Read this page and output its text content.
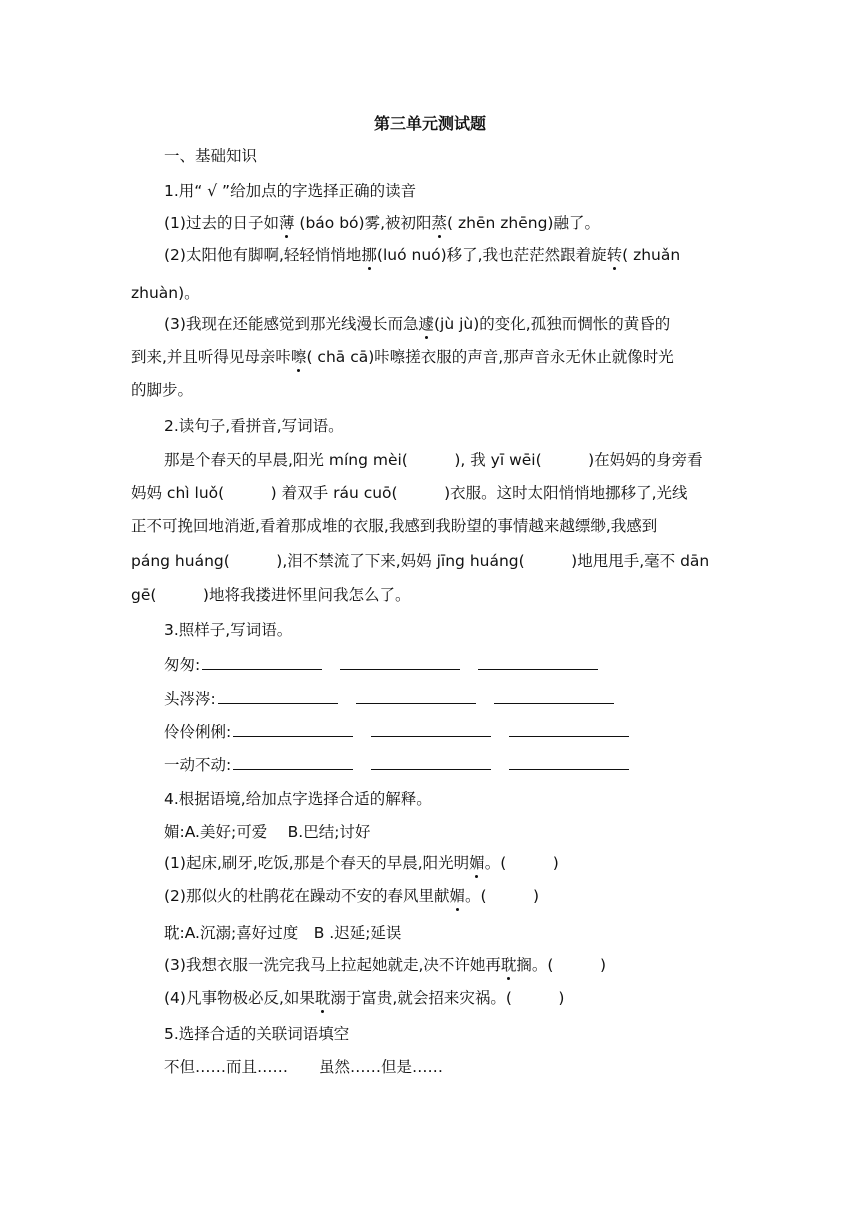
第三单元测试题
一、基础知识
1.用“ √ ”给加点的字选择正确的读音
(1)过去的日子如薄 (báo bó)雾,被初阳蒸( zhēn zhēng)融了。
(2)太阳他有脚啊,轻轻悄悄地挪(luó nuó)移了,我也茫茫然跟着旋转( zhuǎn
zhuàn)。
(3)我现在还能感觉到那光线漫长而急遽(jù jù)的变化,孤独而惆怅的黄昏的
到来,并且听得见母亲咔嚓( chā cā)咔嚓搓衣服的声音,那声音永无休止就像时光
的脚步。
2.读句子,看拼音,写词语。
那是个春天的早晨,阳光 míng mèi(　　　), 我 yī wēi(　　　)在妈妈的身旁看
妈妈 chì luǒ(　　　) 着双手 ráu cuō(　　　)衣服。这时太阳悄悄地挪移了,光线
正不可挽回地消逝,看着那成堆的衣服,我感到我盼望的事情越来越缥缈,我感到
páng huáng(　　　),泪不禁流了下来,妈妈 jīng huáng(　　　)地甩甩手,毫不 dān
gē(　　　)地将我搂进怀里问我怎么了。
3.照样子,写词语。
匆匆:
头涔涔:
伶伶俐俐:
一动不动:
4.根据语境,给加点字选择合适的解释。
媚:A.美好;可爱　 B.巴结;讨好
(1)起床,刷牙,吃饭,那是个春天的早晨,阳光明媚。(　　　)
(2)那似火的杜鹃花在躁动不安的春风里献媚。(　　　)
耽:A.沉溺;喜好过度　B .迟延;延误
(3)我想衣服一洗完我马上拉起她就走,决不许她再耽搁。(　　　)
(4)凡事物极必反,如果耽溺于富贵,就会招来灾祸。(　　　)
5.选择合适的关联词语填空
不但……而且……　　虽然……但是……
